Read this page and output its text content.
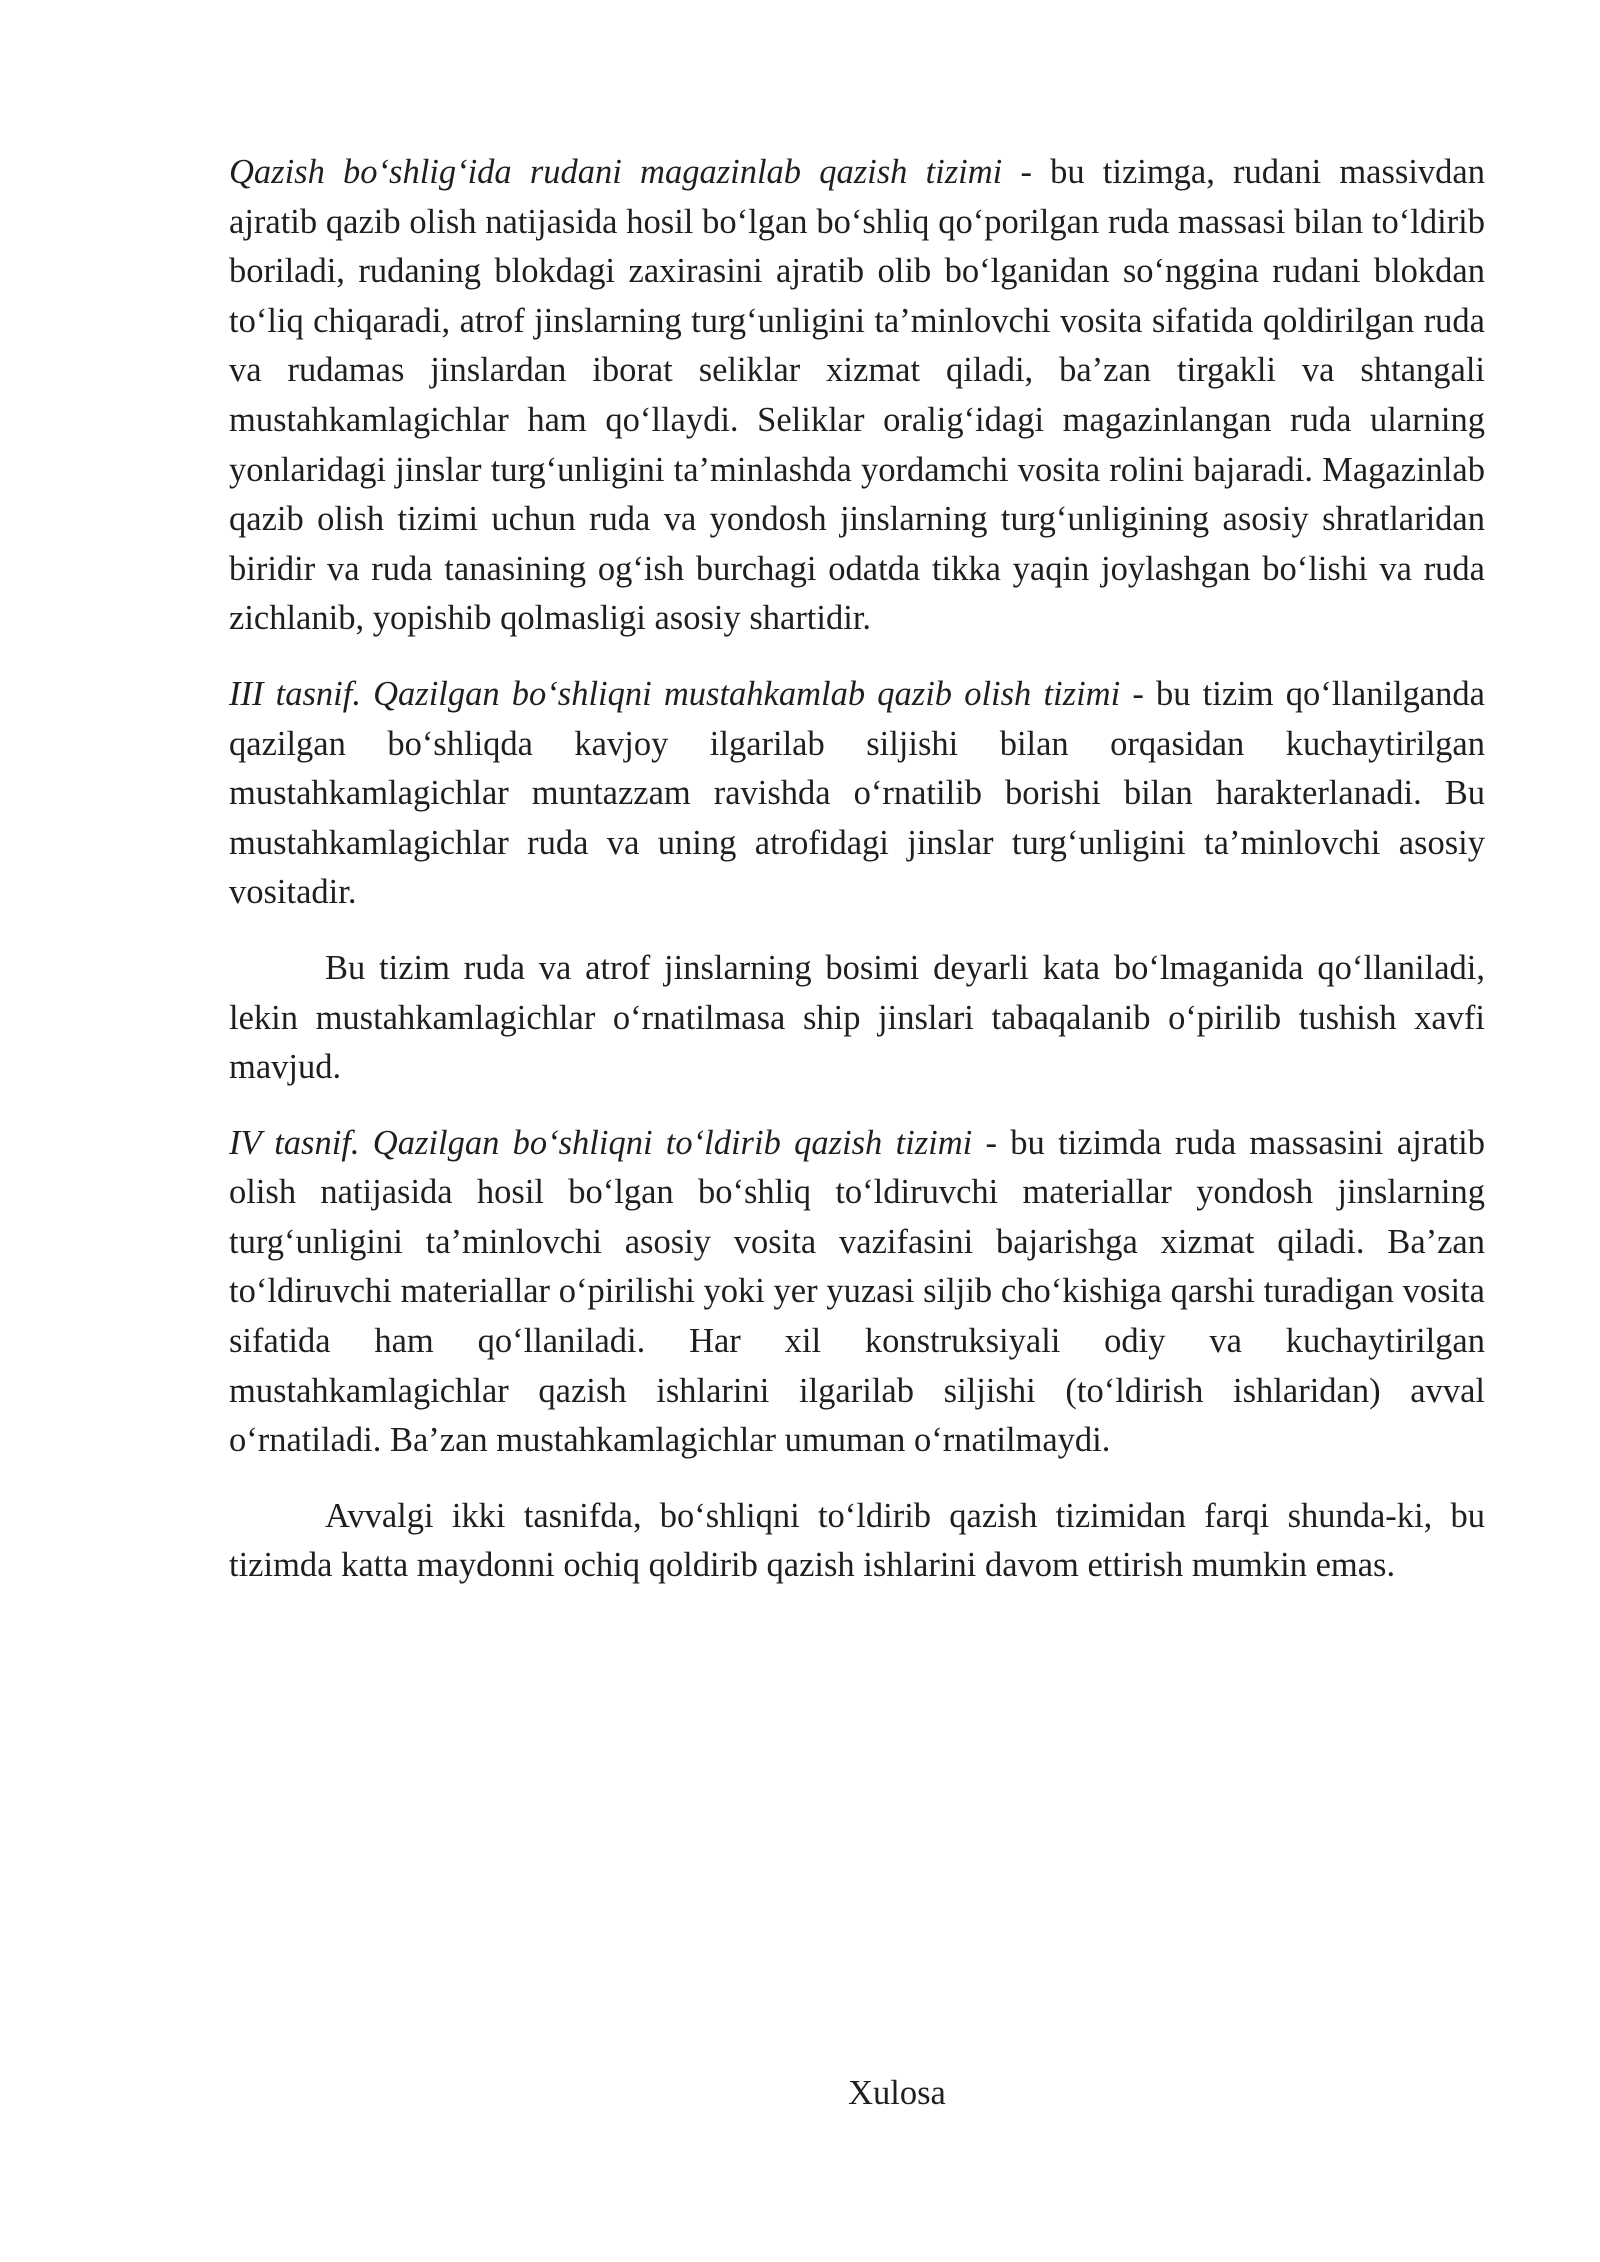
Qazish bo‘shlig‘ida rudani magazinlab qazish tizimi - bu tizimga, rudani massivdan ajratib qazib olish natijasida hosil bo‘lgan bo‘shliq qo‘porilgan ruda massasi bilan to‘ldirib boriladi, rudaning blokdagi zaxirasini ajratib olib bo‘lganidan so‘nggina rudani blokdan to‘liq chiqaradi, atrof jinslarning turg‘unligini ta’minlovchi vosita sifatida qoldirilgan ruda va rudamas jinslardan iborat seliklar xizmat qiladi, ba’zan tirgakli va shtangali mustahkamlagichlar ham qo‘llaydi. Seliklar oralig‘idagi magazinlangan ruda ularning yonlaridagi jinslar turg‘unligini ta’minlashda yordamchi vosita rolini bajaradi. Magazinlab qazib olish tizimi uchun ruda va yondosh jinslarning turg‘unligining asosiy shratlaridan biridir va ruda tanasining og‘ish burchagi odatda tikka yaqin joylashgan bo‘lishi va ruda zichlanib, yopishib qolmasligi asosiy shartidir.

III tasnif. Qazilgan bo‘shliqni mustahkamlab qazib olish tizimi - bu tizim qo‘llanilganda qazilgan bo‘shliqda kavjoy ilgarilab siljishi bilan orqasidan kuchaytirilgan mustahkamlagichlar muntazzam ravishda o‘rnatilib borishi bilan harakterlanadi. Bu mustahkamlagichlar ruda va uning atrofidagi jinslar turg‘unligini ta’minlovchi asosiy vositadir.

Bu tizim ruda va atrof jinslarning bosimi deyarli kata bo‘lmaganida qo‘llaniladi, lekin mustahkamlagichlar o‘rnatilmasa ship jinslari tabaqalanib o‘pirilib tushish xavfi mavjud.

IV tasnif. Qazilgan bo‘shliqni to‘ldirib qazish tizimi - bu tizimda ruda massasini ajratib olish natijasida hosil bo‘lgan bo‘shliq to‘ldiruvchi materiallar yondosh jinslarning turg‘unligini ta’minlovchi asosiy vosita vazifasini bajarishga xizmat qiladi. Ba’zan to‘ldiruvchi materiallar o‘pirilishi yoki yer yuzasi siljib cho‘kishiga qarshi turadigan vosita sifatida ham qo‘llaniladi. Har xil konstruksiyali odiy va kuchaytirilgan mustahkamlagichlar qazish ishlarini ilgarilab siljishi (to‘ldirish ishlaridan) avval o‘rnatiladi. Ba’zan mustahkamlagichlar umuman o‘rnatilmaydi.

Avvalgi ikki tasnifda, bo‘shliqni to‘ldirib qazish tizimidan farqi shunda-ki, bu tizimda katta maydonni ochiq qoldirib qazish ishlarini davom ettirish mumkin emas.

Xulosa
